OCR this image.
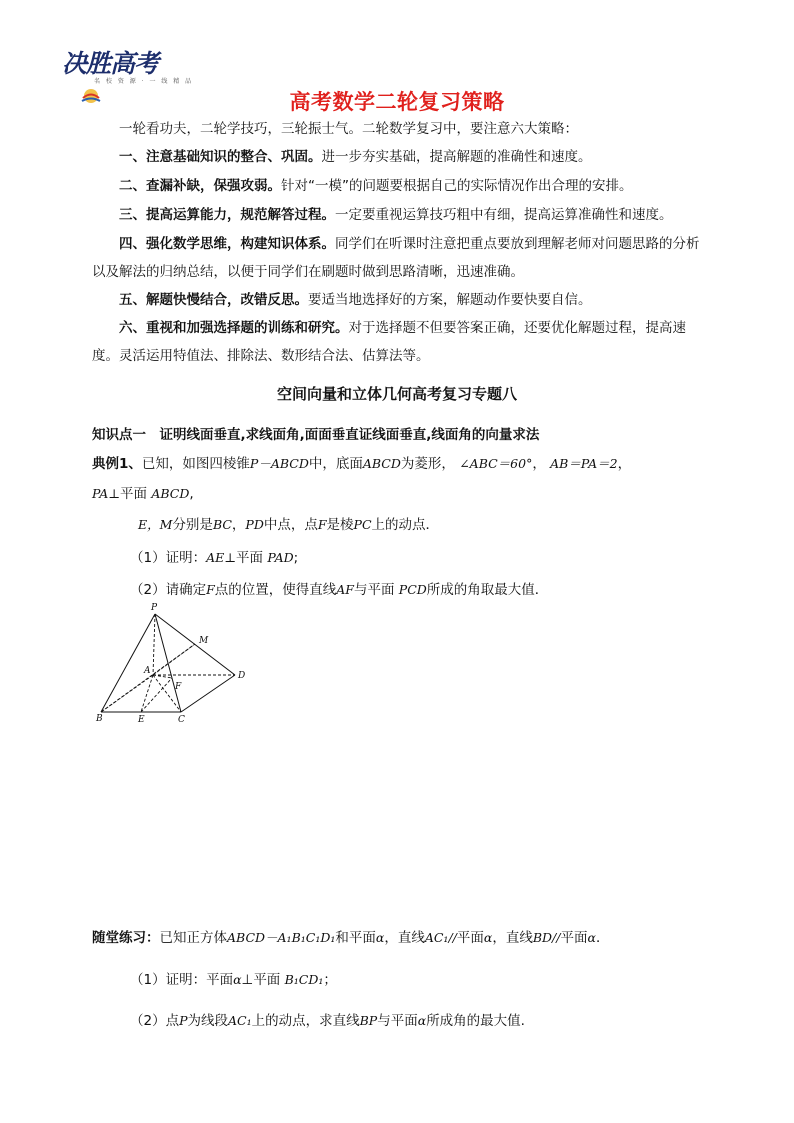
决胜高考
名 校 资 源 · 一 线 精 品
高考数学二轮复习策略

一轮看功夫，二轮学技巧，三轮振士气。二轮数学复习中，要注意六大策略：

一、注意基础知识的整合、巩固。进一步夯实基础，提高解题的准确性和速度。

二、查漏补缺，保强攻弱。针对“一模”的问题要根据自己的实际情况作出合理的安排。

三、提高运算能力，规范解答过程。一定要重视运算技巧粗中有细，提高运算准确性和速度。

四、强化数学思维，构建知识体系。同学们在听课时注意把重点要放到理解老师对问题思路的分析以及解法的归纳总结，以便于同学们在刷题时做到思路清晰，迅速准确。

五、解题快慢结合，改错反思。要适当地选择好的方案，解题动作要快要自信。

六、重视和加强选择题的训练和研究。对于选择题不但要答案正确，还要优化解题过程，提高速度。灵活运用特值法、排除法、数形结合法、估算法等。

空间向量和立体几何高考复习专题八
知识点一　证明线面垂直,求线面角,面面垂直证线面垂直,线面角的向量求法
典例1、已知，如图四棱锥P－ABCD中，底面ABCD为菱形， ∠ABC＝60°， AB＝PA＝2，
PA⊥平面 ABCD,
E，M分别是BC，PD中点，点F是棱PC上的动点．
（1）证明：AE⊥平面 PAD;
（2）请确定F点的位置，使得直线AF与平面 PCD所成的角取最大值．
P
M
A
F
D
B	E	C
随堂练习：已知正方体ABCD－A₁B₁C₁D₁和平面α，直线AC₁//平面α，直线BD//平面α．
（1）证明：平面α⊥平面 B₁CD₁；
（2）点P为线段AC₁上的动点，求直线BP与平面α所成角的最大值.
